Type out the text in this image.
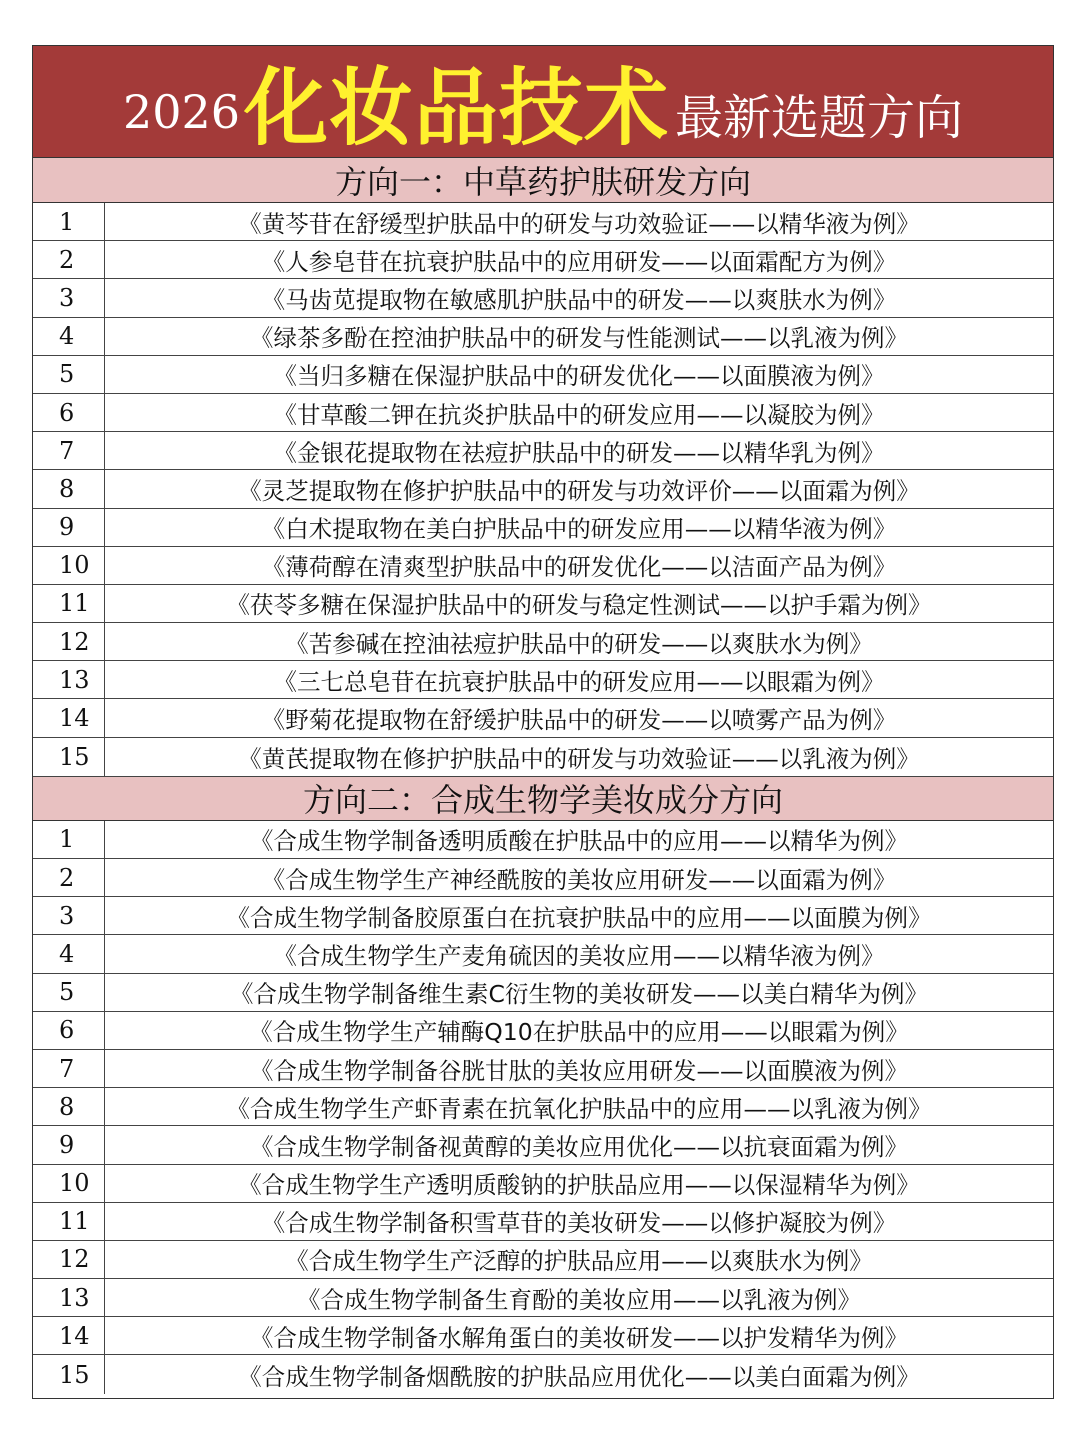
2026 化妆品技术 最新选题方向
方向一：中草药护肤研发方向
1	《黄芩苷在舒缓型护肤品中的研发与功效验证——以精华液为例》
2	《人参皂苷在抗衰护肤品中的应用研发——以面霜配方为例》
3	《马齿苋提取物在敏感肌护肤品中的研发——以爽肤水为例》
4	《绿茶多酚在控油护肤品中的研发与性能测试——以乳液为例》
5	《当归多糖在保湿护肤品中的研发优化——以面膜液为例》
6	《甘草酸二钾在抗炎护肤品中的研发应用——以凝胶为例》
7	《金银花提取物在祛痘护肤品中的研发——以精华乳为例》
8	《灵芝提取物在修护护肤品中的研发与功效评价——以面霜为例》
9	《白术提取物在美白护肤品中的研发应用——以精华液为例》
10	《薄荷醇在清爽型护肤品中的研发优化——以洁面产品为例》
11	《茯苓多糖在保湿护肤品中的研发与稳定性测试——以护手霜为例》
12	《苦参碱在控油祛痘护肤品中的研发——以爽肤水为例》
13	《三七总皂苷在抗衰护肤品中的研发应用——以眼霜为例》
14	《野菊花提取物在舒缓护肤品中的研发——以喷雾产品为例》
15	《黄芪提取物在修护护肤品中的研发与功效验证——以乳液为例》
方向二：合成生物学美妆成分方向
1	《合成生物学制备透明质酸在护肤品中的应用——以精华为例》
2	《合成生物学生产神经酰胺的美妆应用研发——以面霜为例》
3	《合成生物学制备胶原蛋白在抗衰护肤品中的应用——以面膜为例》
4	《合成生物学生产麦角硫因的美妆应用——以精华液为例》
5	《合成生物学制备维生素C衍生物的美妆研发——以美白精华为例》
6	《合成生物学生产辅酶Q10在护肤品中的应用——以眼霜为例》
7	《合成生物学制备谷胱甘肽的美妆应用研发——以面膜液为例》
8	《合成生物学生产虾青素在抗氧化护肤品中的应用——以乳液为例》
9	《合成生物学制备视黄醇的美妆应用优化——以抗衰面霜为例》
10	《合成生物学生产透明质酸钠的护肤品应用——以保湿精华为例》
11	《合成生物学制备积雪草苷的美妆研发——以修护凝胶为例》
12	《合成生物学生产泛醇的护肤品应用——以爽肤水为例》
13	《合成生物学制备生育酚的美妆应用——以乳液为例》
14	《合成生物学制备水解角蛋白的美妆研发——以护发精华为例》
15	《合成生物学制备烟酰胺的护肤品应用优化——以美白面霜为例》
